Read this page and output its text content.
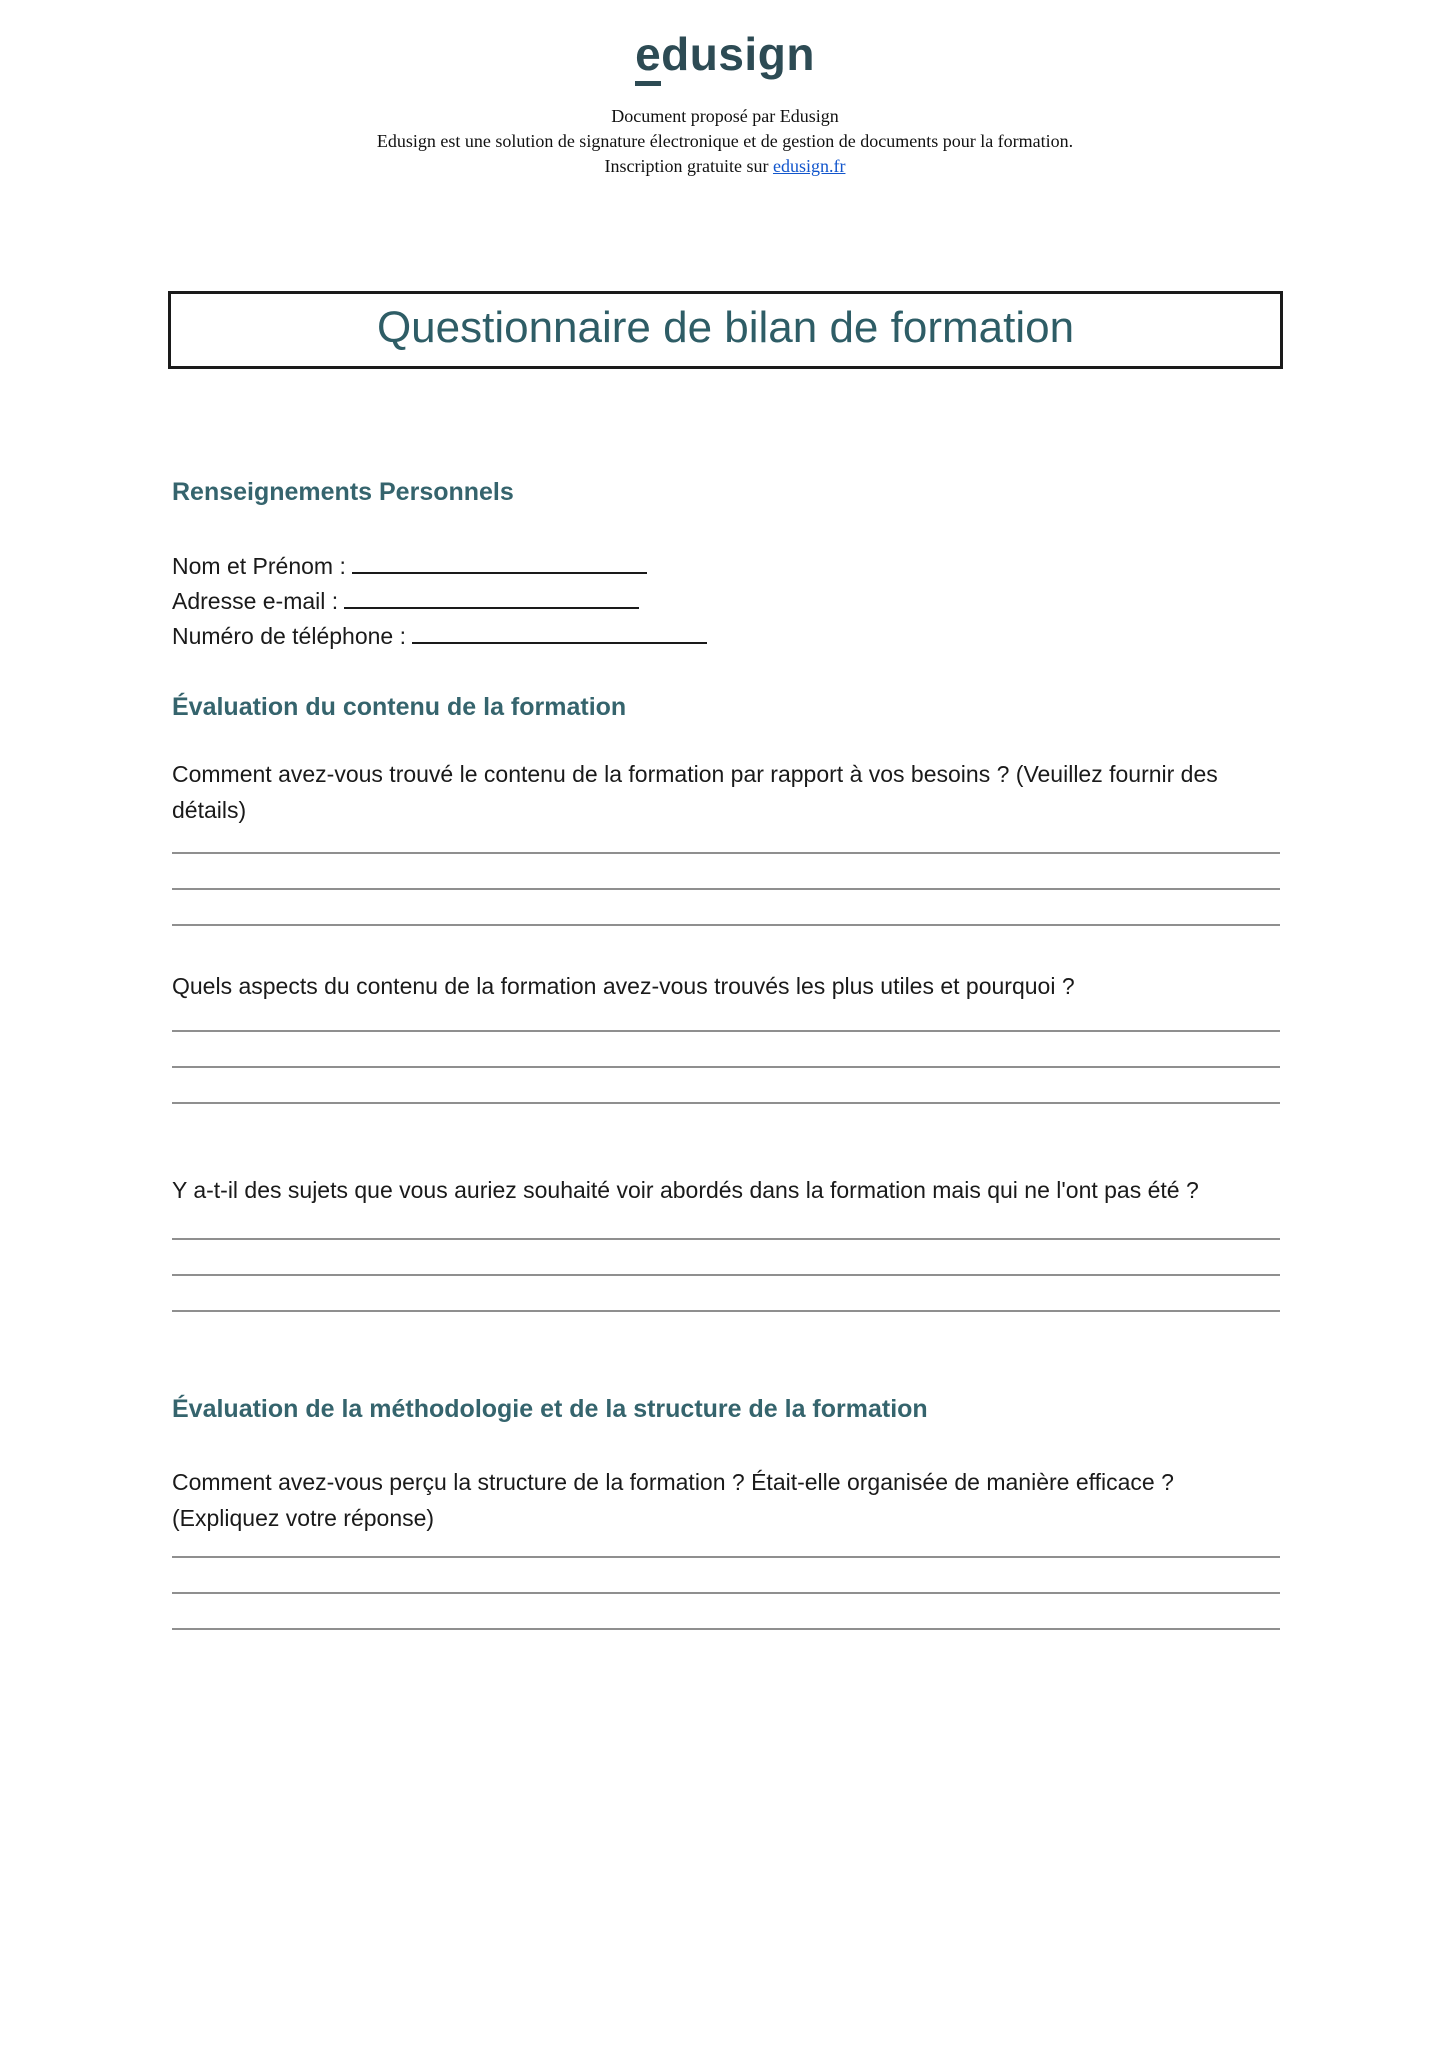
edusign
Document proposé par Edusign
Edusign est une solution de signature électronique et de gestion de documents pour la formation.
Inscription gratuite sur edusign.fr
Questionnaire de bilan de formation
Renseignements Personnels
Nom et Prénom :
Adresse e-mail :
Numéro de téléphone :
Évaluation du contenu de la formation

Comment avez-vous trouvé le contenu de la formation par rapport à vos besoins ? (Veuillez fournir des détails)

Quels aspects du contenu de la formation avez-vous trouvés les plus utiles et pourquoi ?

Y a-t-il des sujets que vous auriez souhaité voir abordés dans la formation mais qui ne l'ont pas été ?

Évaluation de la méthodologie et de la structure de la formation

Comment avez-vous perçu la structure de la formation ? Était-elle organisée de manière efficace ? (Expliquez votre réponse)
